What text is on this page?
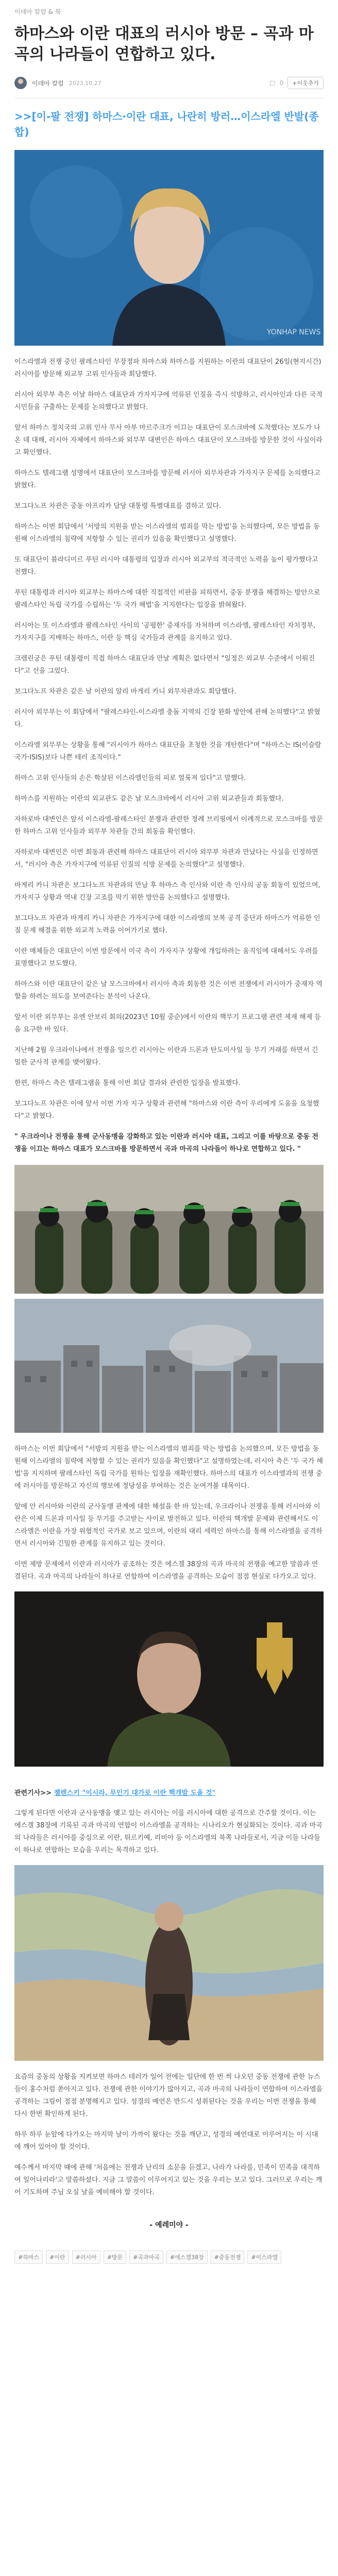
이데아 칼럼 & 북
하마스와 이란 대표의 러시아 방문 – 곡과 마곡의 나라들이 연합하고 있다.
이데아 칼럼 2023.10.27	□ 0	+이웃추가
>>[이-팔 전쟁] 하마스·이란 대표, 나란히 방러…이스라엘 반발(종합)
YONHAP NEWS

이스라엘과 전쟁 중인 팔레스타인 무장정파 하마스와 하마스를 지원하는 이란의 대표단이 26일(현지시간) 러시아를 방문해 외교부 고위 인사들과 회담했다.

러시아 외무부 측은 이날 하마스 대표단과 가자지구에 억류된 인질을 즉시 석방하고, 러시아인과 다른 국적 시민들을 구출하는 문제를 논의했다고 밝혔다.

앞서 하마스 정치국의 고위 인사 무사 아부 마르주크가 이끄는 대표단이 모스크바에 도착했다는 보도가 나온 데 대해, 러시아 자체에서 하마스와 외무부 대변인은 하마스 대표단이 모스크바를 방문한 것이 사실이라고 확인했다.

하마스도 텔레그램 성명에서 대표단이 모스크바를 방문해 러시아 외무차관과 가자지구 문제를 논의했다고 밝혔다.

보그다노프 차관은 중동 아프리카 담당 대통령 특별대표를 겸하고 있다.

하마스는 이번 회담에서 '서방의 지원을 받는 이스라엘의 범죄를 막는 방법'을 논의했다며, 모든 방법을 동원해 이스라엘의 침략에 저항할 수 있는 권리가 있음을 확인했다고 설명했다.

또 대표단이 블라디미르 푸틴 러시아 대통령의 입장과 러시아 외교부의 적극적인 노력을 높이 평가했다고 전했다.

푸틴 대통령과 러시아 외교부는 하마스에 대한 직접적인 비판을 피하면서, 중동 분쟁을 해결하는 방안으로 팔레스타인 독립 국가를 수립하는 '두 국가 해법'을 지지한다는 입장을 밝혀왔다.

러시아는 또 이스라엘과 팔레스타인 사이의 '공평한' 중재자를 자처하며 이스라엘, 팔레스타인 자치정부, 가자지구를 지배하는 하마스, 이란 등 핵심 국가들과 관계를 유지하고 있다.

크렘린궁은 푸틴 대통령이 직접 하마스 대표단과 만날 계획은 없다면서 "일정은 외교부 수준에서 이뤄진다"고 선을 그었다.

보그다노프 차관은 같은 날 이란의 알리 바게리 카니 외무차관과도 회담했다.

러시아 외무부는 이 회담에서 "팔레스타인-이스라엘 충돌 지역의 긴장 완화 방안에 관해 논의했다"고 밝혔다.

이스라엘 외무부는 상황을 통해 "러시아가 하마스 대표단을 초청한 것을 개탄한다"며 "하마스는 IS(이슬람국가·ISIS)보다 나쁜 테러 조직이다."

하마스 고위 인사들의 손은 학살된 이스라엘인들의 피로 얼룩져 있다"고 말했다.

하마스를 지원하는 이란의 외교관도 같은 날 모스크바에서 러시아 고위 외교관들과 회동했다.

자하로바 대변인은 앞서 이스라엘-팔레스타인 분쟁과 관련한 정례 브리핑에서 이례적으로 모스크바를 방문한 하마스 고위 인사들과 외무부 차관들 간의 회동을 확인했다.

자하로바 대변인은 이번 회동과 관련해 하마스 대표단이 러시아 외무부 차관과 만났다는 사실을 인정하면서, "러시아 측은 가자지구에 억류된 인질의 석방 문제를 논의했다"고 설명했다.

바게리 카니 차관은 보그다노프 차관과의 만남 후 하마스 측 인사와 이란 측 인사의 공동 회동이 있었으며, 가자지구 상황과 역내 긴장 고조를 막기 위한 방안을 논의했다고 설명했다.

보그다노프 차관과 바게리 카니 차관은 가자지구에 대한 이스라엘의 보복 공격 중단과 하마스가 억류한 인질 문제 해결을 위한 외교적 노력을 이어가기로 했다.

이란 매체들은 대표단이 이번 방문에서 미국 측이 가자지구 상황에 개입하려는 움직임에 대해서도 우려를 표명했다고 보도했다.

하마스와 이란 대표단이 같은 날 모스크바에서 러시아 측과 회동한 것은 이번 전쟁에서 러시아가 중재자 역할을 하려는 의도를 보여준다는 분석이 나온다.

앞서 이란 외무부는 유엔 안보리 회의(2023년 10월 중순)에서 이란의 핵무기 프로그램 관련 제재 해제 등을 요구한 바 있다.

지난해 2월 우크라이나에서 전쟁을 일으킨 러시아는 이란과 드론과 탄도미사일 등 무기 거래를 하면서 긴밀한 군사적 관계를 맺어왔다.

한편, 하마스 측은 텔레그램을 통해 이번 회담 결과와 관련한 입장을 발표했다.

보그다노프 차관은 이에 앞서 이번 가자 지구 상황과 관련해 "하마스와 이란 측이 우리에게 도움을 요청했다"고 밝혔다.

" 우크라이나 전쟁을 통해 군사동맹을 강화하고 있는 이란과 러시아 대표, 그리고 이를 바탕으로 중동 전쟁을 이끄는 하마스 대표가 모스크바를 방문하면서 곡과 마곡의 나라들이 하나로 연합하고 있다. "

하마스는 이번 회담에서 "서방의 지원을 받는 이스라엘의 범죄를 막는 방법을 논의했으며, 모든 방법을 동원해 이스라엘의 침략에 저항할 수 있는 권리가 있음을 확인했다"고 설명하였는데, 러시아 측은 '두 국가 해법'을 지지하며 팔레스타인 독립 국가를 원하는 입장을 재확인했다. 하마스의 대표가 이스라엘과의 전쟁 중에 러시아를 방문하고 자신의 행보에 정당성을 부여하는 것은 눈여겨볼 대목이다.

앞에 안 러시아와 이란의 군사동맹 관계에 대한 해설을 한 바 있는데, 우크라이나 전쟁을 통해 러시아와 이란은 이제 드론과 미사일 등 무기를 주고받는 사이로 발전하고 있다. 이란의 핵개발 문제와 관련해서도 이스라엘은 이란을 가장 위협적인 국가로 보고 있으며, 이란의 대리 세력인 하마스를 통해 이스라엘을 공격하면서 러시아와 긴밀한 관계를 유지하고 있는 것이다.

이번 제방 문제에서 이란과 러시아가 공조하는 것은 에스겔 38장의 곡과 마곡의 전쟁을 예고한 말씀과 연결된다. 곡과 마곡의 나라들이 하나로 연합하여 이스라엘을 공격하는 모습이 점점 현실로 다가오고 있다.

관련기사>> 젤렌스키 "이시라, 무인기 대가로 이란 핵개발 도울 것"

그렇게 된다면 이란과 군사동맹을 맺고 있는 러시아는 이를 러시아에 대한 공격으로 간주할 것이다. 이는 에스겔 38장에 기록된 곡과 마곡의 연합이 이스라엘을 공격하는 시나리오가 현실화되는 것이다. 곡과 마곡의 나라들은 러시아를 중심으로 이란, 튀르키예, 리비아 등 이스라엘의 북쪽 나라들로서, 지금 이들 나라들이 하나로 연합하는 모습을 우리는 목격하고 있다.

요즘의 중동의 상황을 지켜보면 하마스 테러가 일어 전에는 일단에 한 번 씩 나오던 중동 전쟁에 관한 뉴스들이 홍수처럼 쏟아지고 있다. 전쟁에 관한 이야기가 많아지고, 곡과 마곡의 나라들이 연합하여 이스라엘을 공격하는 그림이 점점 분명해지고 있다. 성경의 예언은 반드시 성취된다는 것을 우리는 이번 전쟁을 통해 다시 한번 확인하게 된다.

하루 하루 눈앞에 다가오는 마지막 날이 가까이 왔다는 것을 깨닫고, 성경의 예언대로 이루어지는 이 시대에 깨어 있어야 할 것이다.

예수께서 마지막 때에 관해 '처음에는 전쟁과 난리의 소문을 듣겠고, 나라가 나라를, 민족이 민족을 대적하여 일어나리라'고 말씀하셨다. 지금 그 말씀이 이루어지고 있는 것을 우리는 보고 있다. 그러므로 우리는 깨어 기도하며 주님 오실 날을 예비해야 할 것이다.

- 예레미야 -
#하마스	#이란	#러시아	#방문	#곡과마곡	#에스겔38장	#중동전쟁	#이스라엘
